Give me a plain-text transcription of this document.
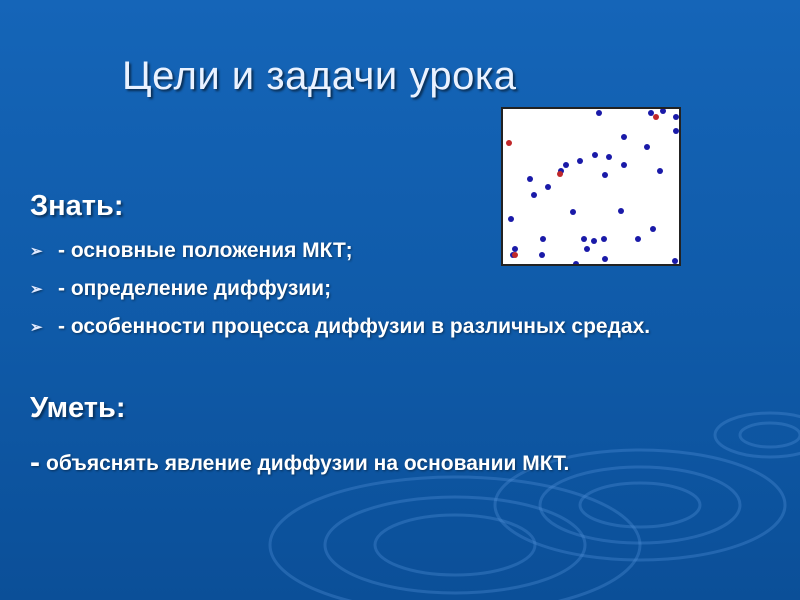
Цели и задачи урока
Знать:
➢ - основные положения МКТ;
➢ - определение диффузии;
➢ - особенности процесса диффузии в различных средах.
Уметь:
- объяснять явление диффузии на основании МКТ.
